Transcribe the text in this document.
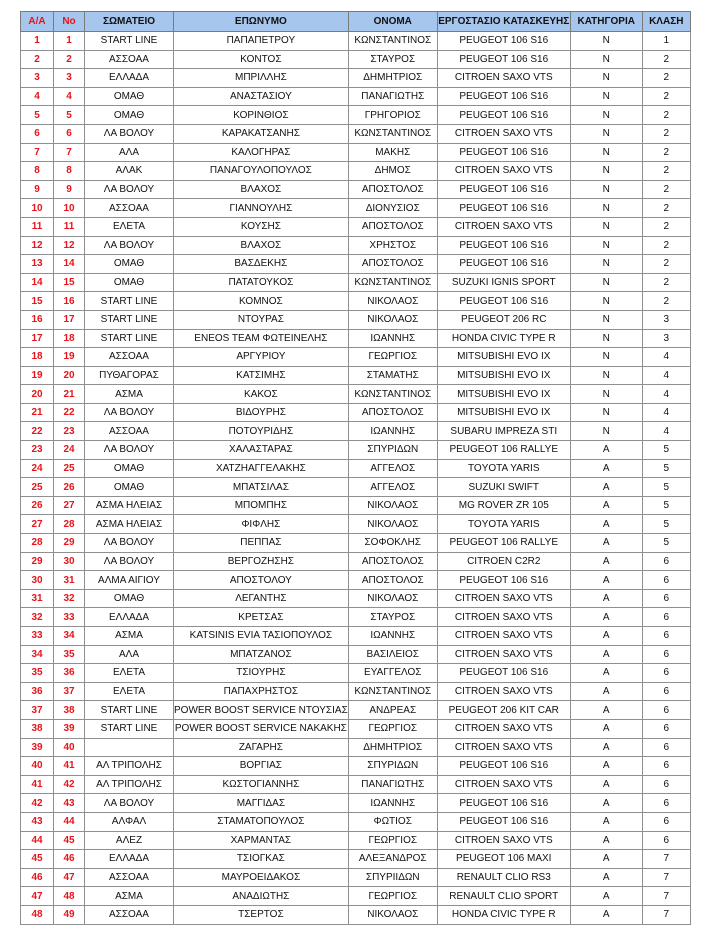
Α/Α	No	ΣΩΜΑΤΕΙΟ	ΕΠΩΝΥΜΟ	ΟΝΟΜΑ	ΕΡΓΟΣΤΑΣΙΟ ΚΑΤΑΣΚΕΥΗΣ	ΚΑΤΗΓΟΡΙΑ	ΚΛΑΣΗ
1	1	START LINE	ΠΑΠΑΠΕΤΡΟΥ	ΚΩΝΣΤΑΝΤΙΝΟΣ	PEUGEOT 106 S16	N	1
2	2	ΑΣΣΟΑΑ	ΚΟΝΤΟΣ	ΣΤΑΥΡΟΣ	PEUGEOT 106 S16	N	2
3	3	ΕΛΛΑΔΑ	ΜΠΡΙΛΛΗΣ	ΔΗΜΗΤΡΙΟΣ	CITROEN SAXO VTS	N	2
4	4	ΟΜΑΘ	ΑΝΑΣΤΑΣΙΟΥ	ΠΑΝΑΓΙΩΤΗΣ	PEUGEOT 106 S16	N	2
5	5	ΟΜΑΘ	ΚΟΡΙΝΘΙΟΣ	ΓΡΗΓΟΡΙΟΣ	PEUGEOT 106 S16	N	2
6	6	ΛΑ ΒΟΛΟΥ	ΚΑΡΑΚΑΤΣΑΝΗΣ	ΚΩΝΣΤΑΝΤΙΝΟΣ	CITROEN SAXO VTS	N	2
7	7	ΑΛΑ	ΚΑΛΟΓΗΡΑΣ	ΜΑΚΗΣ	PEUGEOT 106 S16	N	2
8	8	ΑΛΑΚ	ΠΑΝΑΓΟΥΛΟΠΟΥΛΟΣ	ΔΗΜΟΣ	CITROEN SAXO VTS	N	2
9	9	ΛΑ ΒΟΛΟΥ	ΒΛΑΧΟΣ	ΑΠΟΣΤΟΛΟΣ	PEUGEOT 106 S16	N	2
10	10	ΑΣΣΟΑΑ	ΓΙΑΝΝΟΥΛΗΣ	ΔΙΟΝΥΣΙΟΣ	PEUGEOT 106 S16	N	2
11	11	ΕΛΕΤΑ	ΚΟΥΣΗΣ	ΑΠΟΣΤΟΛΟΣ	CITROEN SAXO VTS	N	2
12	12	ΛΑ ΒΟΛΟΥ	ΒΛΑΧΟΣ	ΧΡΗΣΤΟΣ	PEUGEOT 106 S16	N	2
13	14	ΟΜΑΘ	ΒΑΣΔΕΚΗΣ	ΑΠΟΣΤΟΛΟΣ	PEUGEOT 106 S16	N	2
14	15	ΟΜΑΘ	ΠΑΤΑΤΟΥΚΟΣ	ΚΩΝΣΤΑΝΤΙΝΟΣ	SUZUKI IGNIS SPORT	N	2
15	16	START LINE	ΚΟΜΝΟΣ	ΝΙΚΟΛΑΟΣ	PEUGEOT 106 S16	N	2
16	17	START LINE	ΝΤΟΥΡΑΣ	ΝΙΚΟΛΑΟΣ	PEUGEOT 206 RC	N	3
17	18	START LINE	ENEOS TEAM ΦΩΤΕΙΝΕΛΗΣ	ΙΩΑΝΝΗΣ	HONDA CIVIC TYPE R	N	3
18	19	ΑΣΣΟΑΑ	ΑΡΓΥΡΙΟΥ	ΓΕΩΡΓΙΟΣ	MITSUBISHI EVO IX	N	4
19	20	ΠΥΘΑΓΟΡΑΣ	ΚΑΤΣΙΜΗΣ	ΣΤΑΜΑΤΗΣ	MITSUBISHI EVO IX	N	4
20	21	ΑΣΜΑ	ΚΑΚΟΣ	ΚΩΝΣΤΑΝΤΙΝΟΣ	MITSUBISHI EVO IX	N	4
21	22	ΛΑ ΒΟΛΟΥ	ΒΙΔΟΥΡΗΣ	ΑΠΟΣΤΟΛΟΣ	MITSUBISHI EVO IX	N	4
22	23	ΑΣΣΟΑΑ	ΠΟΤΟΥΡΙΔΗΣ	ΙΩΑΝΝΗΣ	SUBARU IMPREZA STI	N	4
23	24	ΛΑ ΒΟΛΟΥ	ΧΑΛΑΣΤΑΡΑΣ	ΣΠΥΡΙΔΩΝ	PEUGEOT 106 RALLYE	A	5
24	25	ΟΜΑΘ	ΧΑΤΖΗΑΓΓΕΛΑΚΗΣ	ΑΓΓΕΛΟΣ	TOYOTA YARIS	A	5
25	26	ΟΜΑΘ	ΜΠΑΤΣΙΛΑΣ	ΑΓΓΕΛΟΣ	SUZUKI SWIFT	A	5
26	27	ΑΣΜΑ ΗΛΕΙΑΣ	ΜΠΟΜΠΗΣ	ΝΙΚΟΛΑΟΣ	MG ROVER ZR 105	A	5
27	28	ΑΣΜΑ ΗΛΕΙΑΣ	ΦΙΦΛΗΣ	ΝΙΚΟΛΑΟΣ	TOYOTA YARIS	A	5
28	29	ΛΑ ΒΟΛΟΥ	ΠΕΠΠΑΣ	ΣΟΦΟΚΛΗΣ	PEUGEOT 106 RALLYE	A	5
29	30	ΛΑ ΒΟΛΟΥ	ΒΕΡΓΟΖΗΣΗΣ	ΑΠΟΣΤΟΛΟΣ	CITROEN C2R2	A	6
30	31	ΑΛΜΑ ΑΙΓΙΟΥ	ΑΠΟΣΤΟΛΟΥ	ΑΠΟΣΤΟΛΟΣ	PEUGEOT 106 S16	A	6
31	32	ΟΜΑΘ	ΛΕΓΑΝΤΗΣ	ΝΙΚΟΛΑΟΣ	CITROEN SAXO VTS	A	6
32	33	ΕΛΛΑΔΑ	ΚΡΕΤΣΑΣ	ΣΤΑΥΡΟΣ	CITROEN SAXO VTS	A	6
33	34	ΑΣΜΑ	KATSINIS EVIA ΤΑΣΙΟΠΟΥΛΟΣ	ΙΩΑΝΝΗΣ	CITROEN SAXO VTS	A	6
34	35	ΑΛΑ	ΜΠΑΤΖΑΝΟΣ	ΒΑΣΙΛΕΙΟΣ	CITROEN SAXO VTS	A	6
35	36	ΕΛΕΤΑ	ΤΣΙΟΥΡΗΣ	ΕΥΑΓΓΕΛΟΣ	PEUGEOT 106 S16	A	6
36	37	ΕΛΕΤΑ	ΠΑΠΑΧΡΗΣΤΟΣ	ΚΩΝΣΤΑΝΤΙΝΟΣ	CITROEN SAXO VTS	A	6
37	38	START LINE	POWER BOOST SERVICE ΝΤΟΥΣΙΑΣ	ΑΝΔΡΕΑΣ	PEUGEOT 206 KIT CAR	A	6
38	39	START LINE	POWER BOOST SERVICE ΝΑΚΑΚΗΣ	ΓΕΩΡΓΙΟΣ	CITROEN SAXO VTS	A	6
39	40		ΖΑΓΑΡΗΣ	ΔΗΜΗΤΡΙΟΣ	CITROEN SAXO VTS	A	6
40	41	ΑΛ ΤΡΙΠΟΛΗΣ	ΒΟΡΓΙΑΣ	ΣΠΥΡΙΔΩΝ	PEUGEOT 106 S16	A	6
41	42	ΑΛ ΤΡΙΠΟΛΗΣ	ΚΩΣΤΟΓΙΑΝΝΗΣ	ΠΑΝΑΓΙΩΤΗΣ	CITROEN SAXO VTS	A	6
42	43	ΛΑ ΒΟΛΟΥ	ΜΑΓΓΙΔΑΣ	ΙΩΑΝΝΗΣ	PEUGEOT 106 S16	A	6
43	44	ΑΛΦΑΛ	ΣΤΑΜΑΤΟΠΟΥΛΟΣ	ΦΩΤΙΟΣ	PEUGEOT 106 S16	A	6
44	45	ΑΛΕΖ	ΧΑΡΜΑΝΤΑΣ	ΓΕΩΡΓΙΟΣ	CITROEN SAXO VTS	A	6
45	46	ΕΛΛΑΔΑ	ΤΣΙΟΓΚΑΣ	ΑΛΕΞΑΝΔΡΟΣ	PEUGEOT 106 MAXI	A	7
46	47	ΑΣΣΟΑΑ	ΜΑΥΡΟΕΙΔΑΚΟΣ	ΣΠΥΡΙΙΔΩΝ	RENAULT CLIO RS3	A	7
47	48	ΑΣΜΑ	ΑΝΑΔΙΩΤΗΣ	ΓΕΩΡΓΙΟΣ	RENAULT CLIO SPORT	A	7
48	49	ΑΣΣΟΑΑ	ΤΣΕΡΤΟΣ	ΝΙΚΟΛΑΟΣ	HONDA CIVIC TYPE R	A	7
